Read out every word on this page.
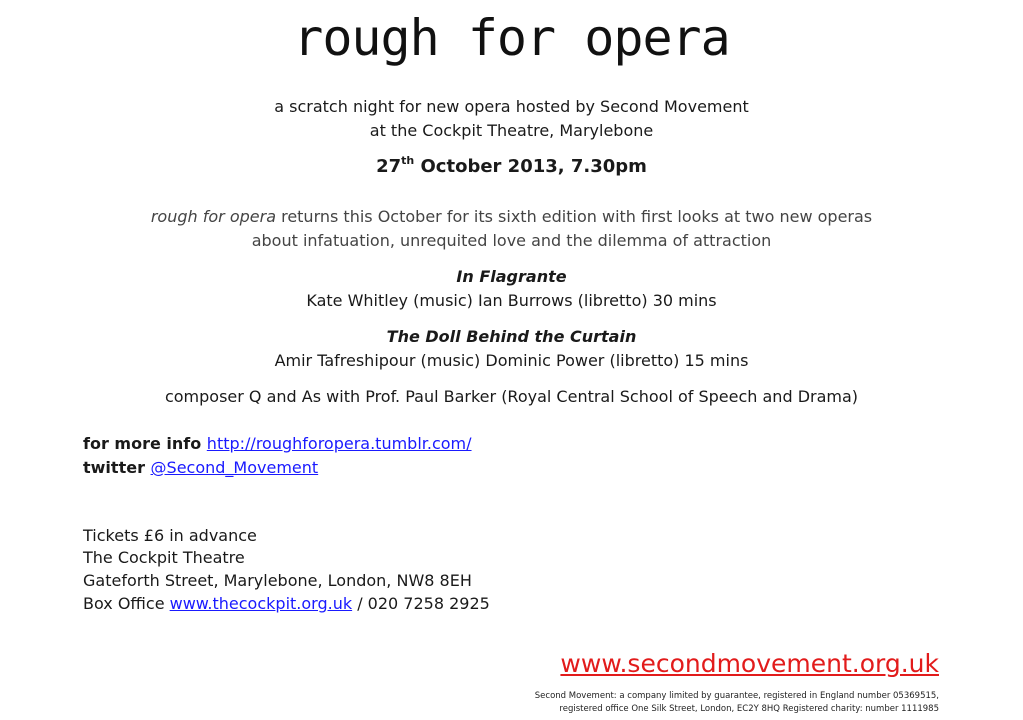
rough for opera

a scratch night for new opera hosted by Second Movement

at the Cockpit Theatre, Marylebone

27th October 2013, 7.30pm

rough for opera returns this October for its sixth edition with first looks at two new operas

about infatuation, unrequited love and the dilemma of attraction

In Flagrante

Kate Whitley (music) Ian Burrows (libretto) 30 mins

The Doll Behind the Curtain

Amir Tafreshipour (music) Dominic Power (libretto) 15 mins

composer Q and As with Prof. Paul Barker (Royal Central School of Speech and Drama)

for more info http://roughforopera.tumblr.com/

twitter @Second_Movement

Tickets £6 in advance

The Cockpit Theatre

Gateforth Street, Marylebone, London, NW8 8EH

Box Office www.thecockpit.org.uk / 020 7258 2925

www.secondmovement.org.uk
Second Movement: a company limited by guarantee, registered in England number 05369515,
registered office One Silk Street, London, EC2Y 8HQ Registered charity: number 1111985
